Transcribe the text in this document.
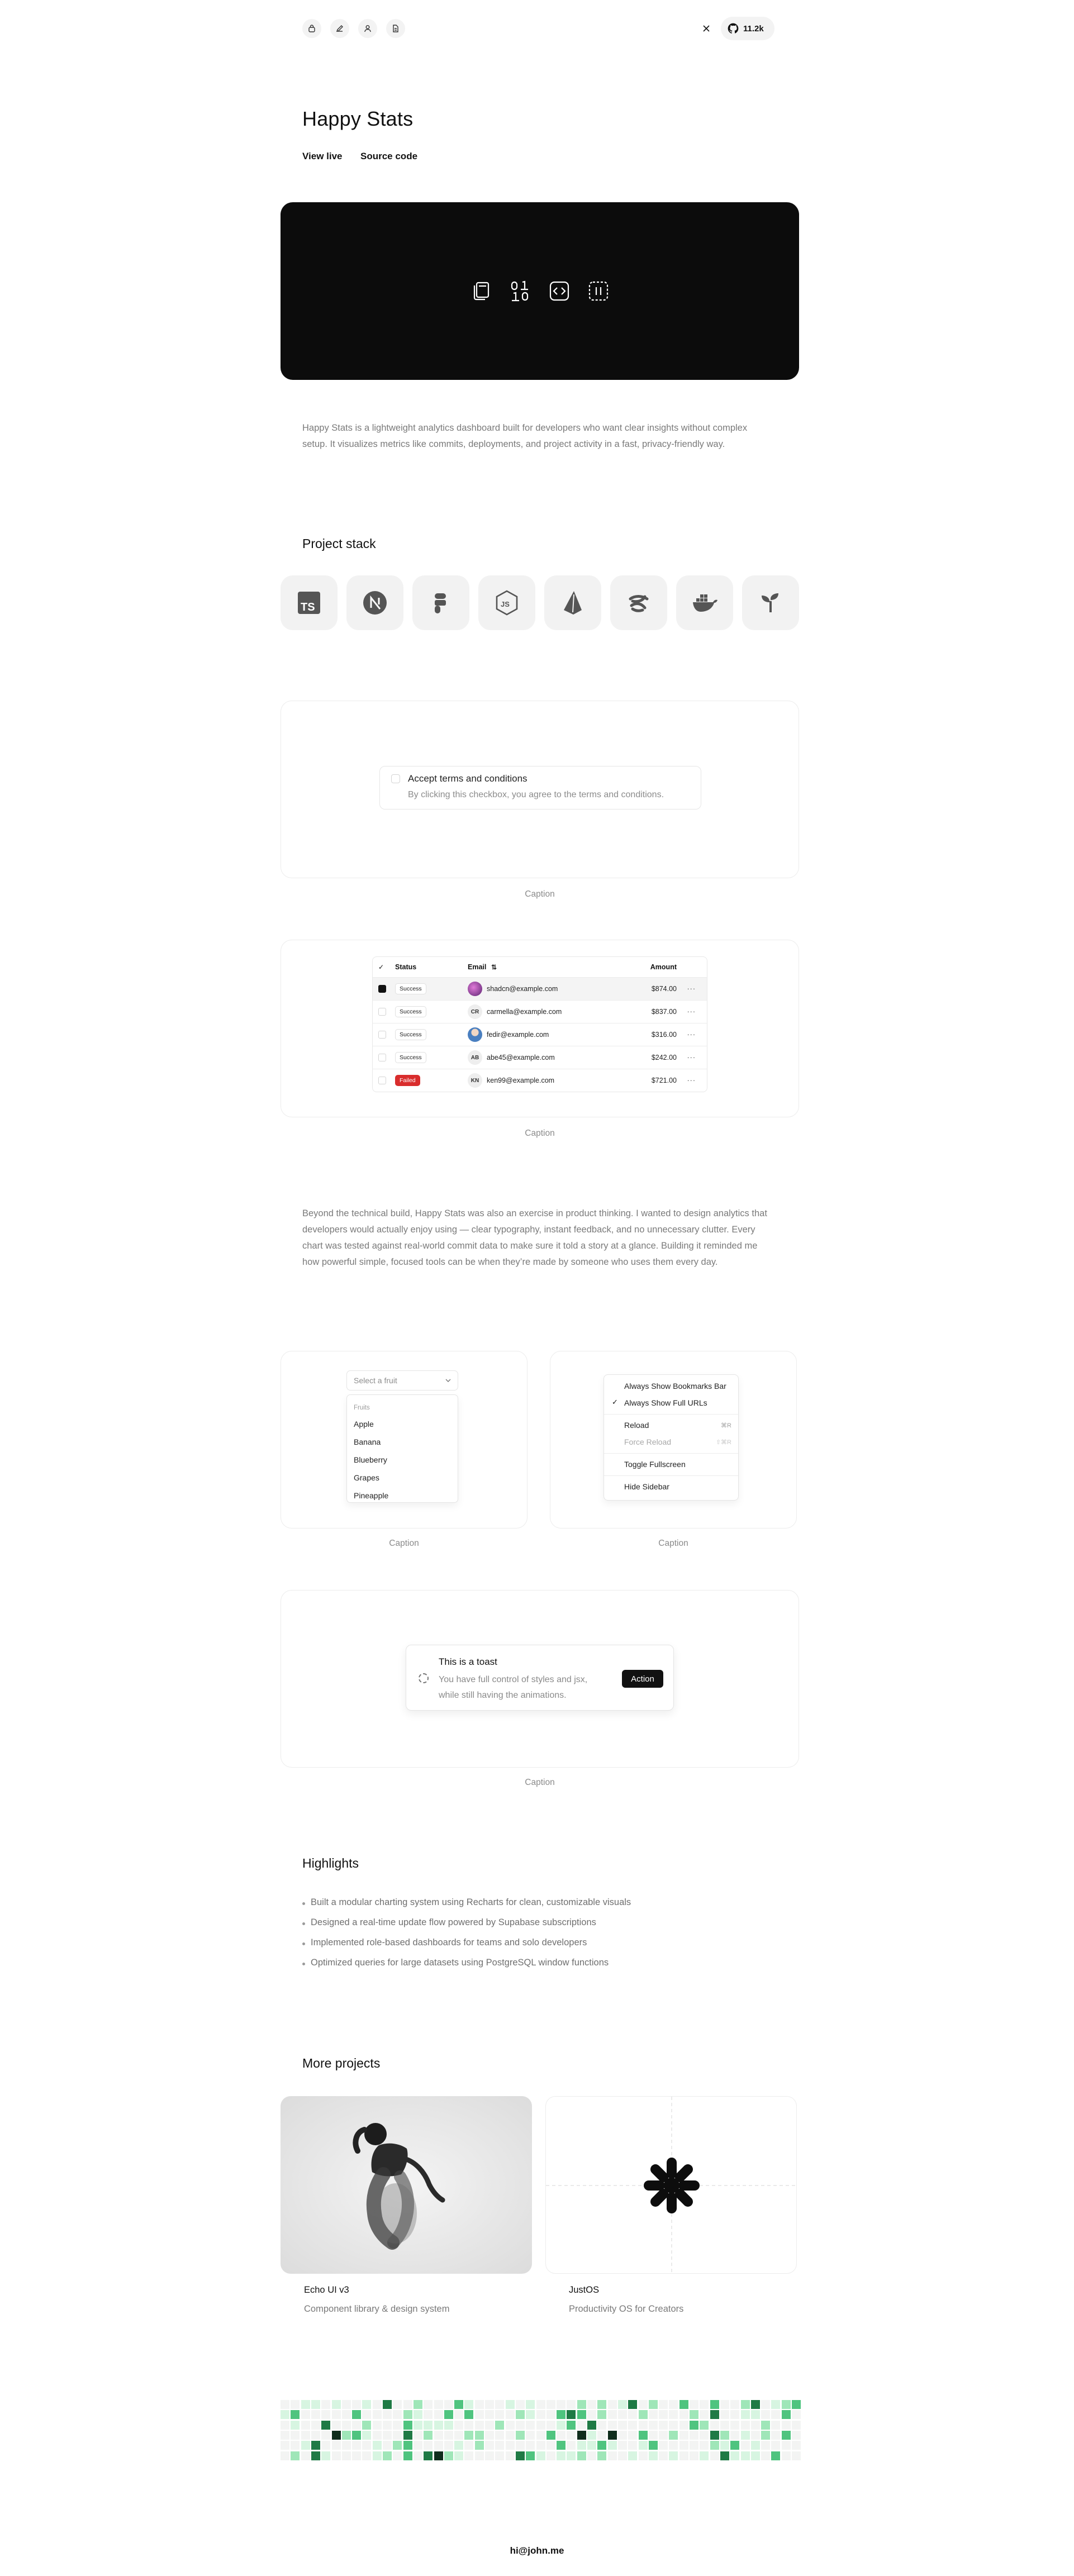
11.2k
Happy Stats
View live Source code

Happy Stats is a lightweight analytics dashboard built for developers who want clear insights without complex setup. It visualizes metrics like commits, deployments, and project activity in a fast, privacy-friendly way.

Project stack
TS	JS
Accept terms and conditions
By clicking this checkbox, you agree to the terms and conditions.
Caption
✓ Status	Email ⇅	Amount
Success	shadcn@example.com	$874.00 ···
Success	CR	carmella@example.com	$837.00 ···
Success	fedir@example.com	$316.00 ···
Success	AB	abe45@example.com	$242.00 ···
Failed	KN	ken99@example.com	$721.00 ···
Caption

Beyond the technical build, Happy Stats was also an exercise in product thinking. I wanted to design analytics that developers would actually enjoy using — clear typography, instant feedback, and no unnecessary clutter. Every chart was tested against real-world commit data to make sure it told a story at a glance. Building it reminded me how powerful simple, focused tools can be when they’re made by someone who uses them every day.

Select a fruit
Fruits
Apple
Banana
Blueberry
Grapes
Pineapple
Caption
Always Show Bookmarks Bar
✓ Always Show Full URLs
Reload	⌘R
Force Reload	⇧⌘R
Toggle Fullscreen
Hide Sidebar
Caption
This is a toast
You have full control of styles and jsx, while still having the animations.
Action
Caption
Highlights
Built a modular charting system using Recharts for clean, customizable visuals
Designed a real-time update flow powered by Supabase subscriptions
Implemented role-based dashboards for teams and solo developers
Optimized queries for large datasets using PostgreSQL window functions
More projects
Echo UI v3
Component library & design system
JustOS
Productivity OS for Creators
hi@john.me
